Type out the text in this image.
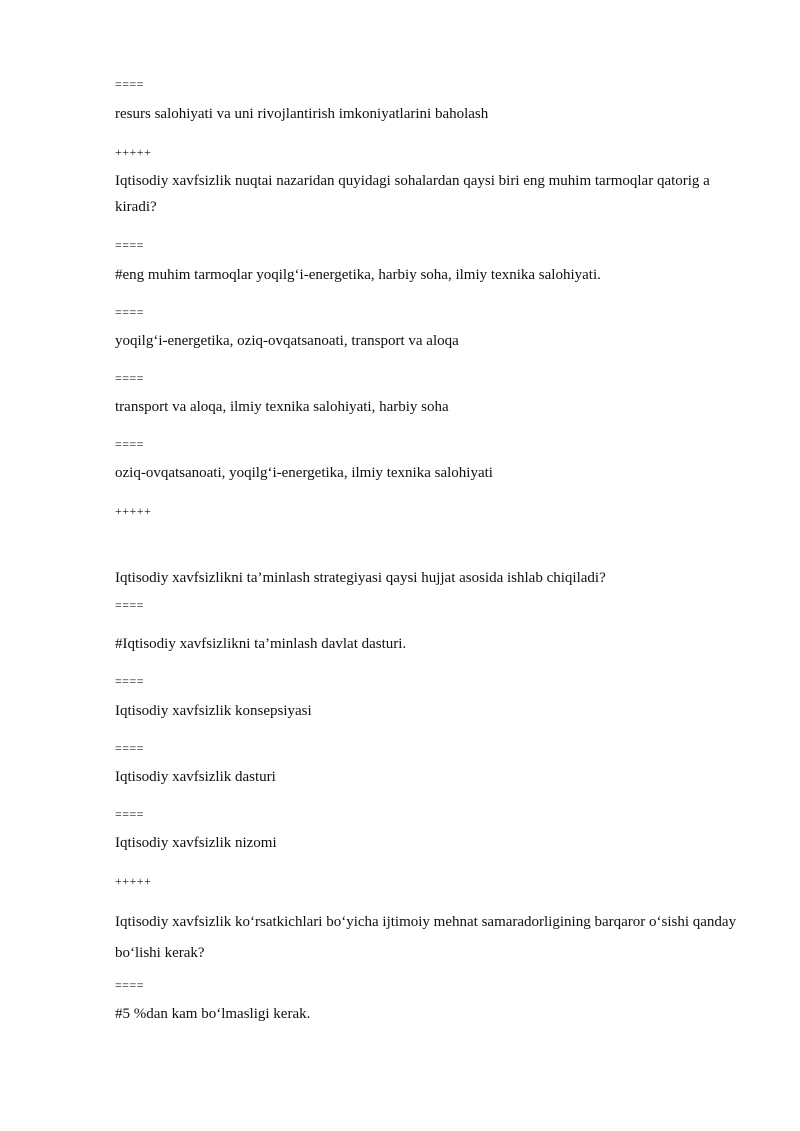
====
resurs salohiyati va uni rivojlantirish imkoniyatlarini baholash
+++++
Iqtisodiy xavfsizlik nuqtai nazaridan quyidagi sohalardan qaysi biri eng muhim tarmoqlar qatorig a kiradi?
====
#eng muhim tarmoqlar yoqilg‘i-energetika, harbiy soha, ilmiy texnika salohiyati.
====
yoqilg‘i-energetika, oziq-ovqatsanoati, transport va aloqa
====
transport va aloqa, ilmiy texnika salohiyati, harbiy soha
====
oziq-ovqatsanoati, yoqilg‘i-energetika, ilmiy texnika salohiyati
+++++
Iqtisodiy xavfsizlikni ta’minlash strategiyasi qaysi hujjat asosida ishlab chiqiladi?
====
#Iqtisodiy xavfsizlikni ta’minlash davlat dasturi.
====
Iqtisodiy xavfsizlik konsepsiyasi
====
Iqtisodiy xavfsizlik dasturi
====
Iqtisodiy xavfsizlik nizomi
+++++
Iqtisodiy xavfsizlik ko‘rsatkichlari bo‘yicha ijtimoiy mehnat samaradorligining barqaror o‘sishi qanday bo‘lishi kerak?
====
#5 %dan kam bo‘lmasligi kerak.
